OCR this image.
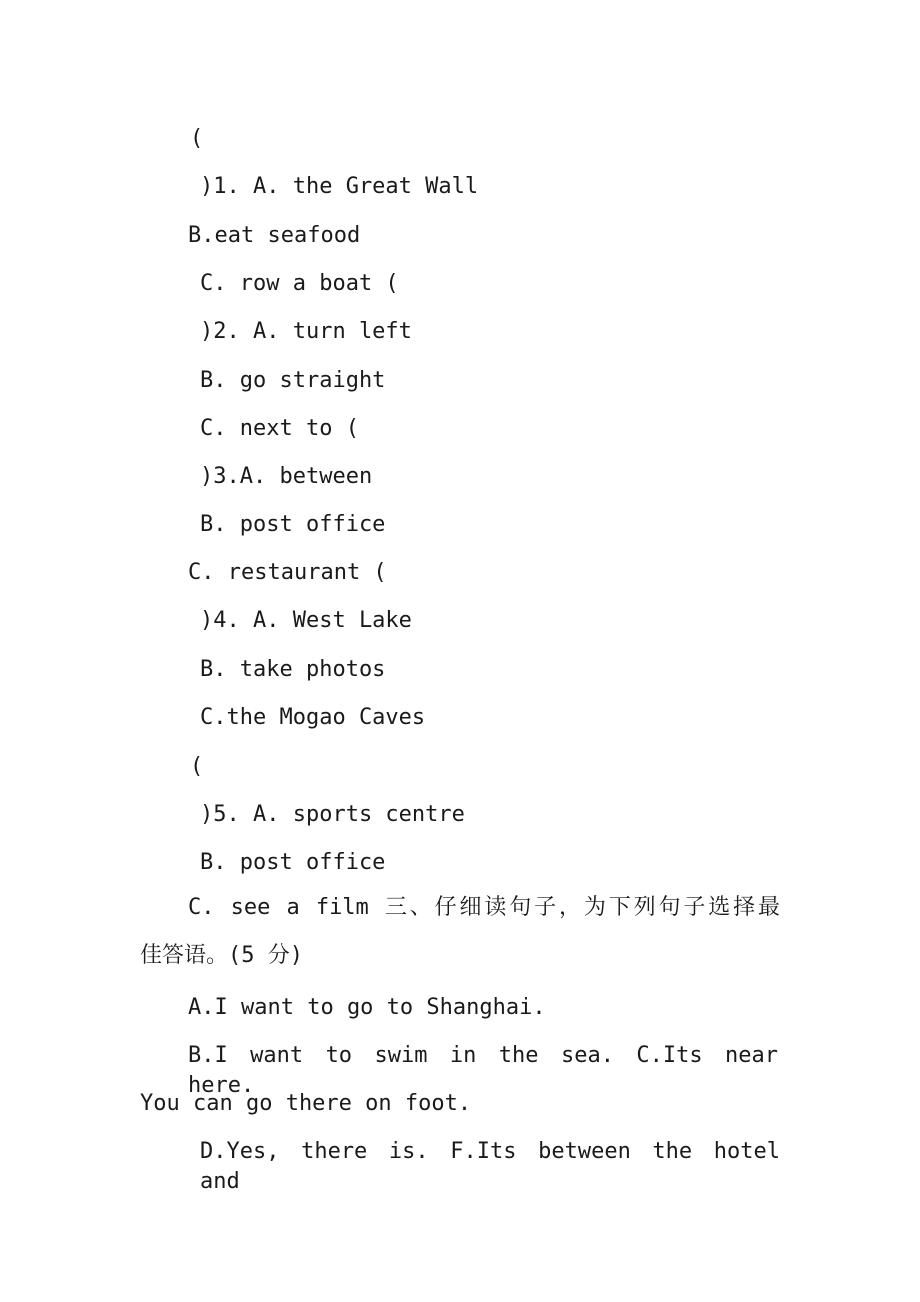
(
)1. A. the Great Wall
B.eat seafood
C. row a boat (
)2. A. turn left
B. go straight
C. next to (
)3.A. between
B. post office
C. restaurant (
)4. A. West Lake
B. take photos
C.the Mogao Caves
(
)5. A. sports centre
B. post office
C. see a film 三、仔细读句子，为下列句子选择最
佳答语。(5 分)
A.I want to go to Shanghai.
B.I want to swim in the sea. C.Its near here.
You can go there on foot.
D.Yes, there is. F.Its between the hotel and
